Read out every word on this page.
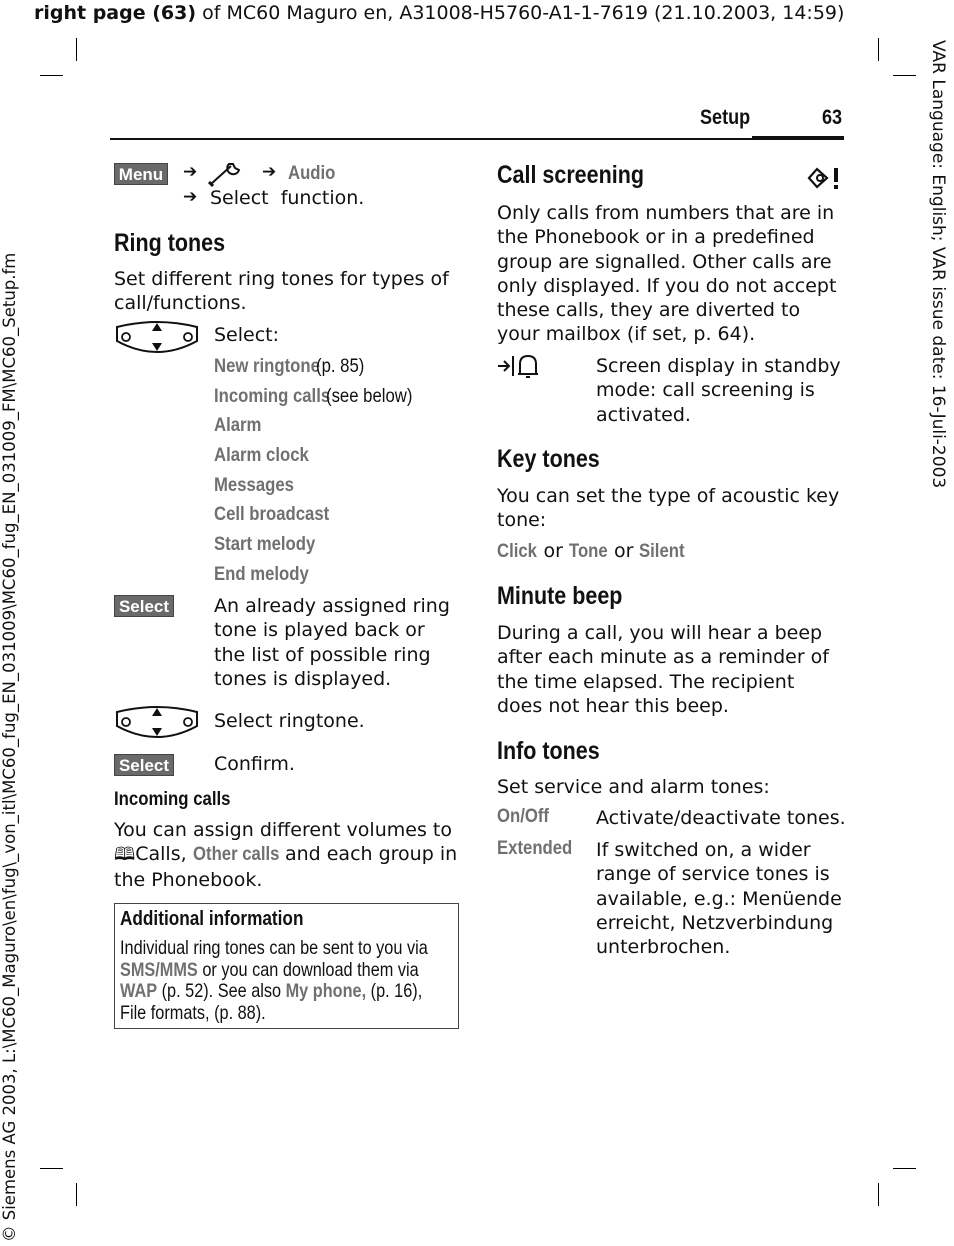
right page (63) of MC60 Maguro en, A31008-H5760-A1-1-7619 (21.10.2003, 14:59)
VAR Language: English; VAR issue date: 16-Juli-2003
© Siemens AG 2003, L:\MC60_Maguro\en\fug\_von_itl\MC60_fug_EN_031009\MC60_fug_EN_031009_FM\MC60_Setup.fm
Setup	63
Menu ➔	➔ Audio
➔ Select  function.
Ring tones
Set different ring tones for types of call/functions.
Select:
New ringtone(p. 85)
Incoming calls(see below)
Alarm
Alarm clock
Messages
Cell broadcast
Start melody
End melody
Select An already assigned ring tone is played back or the list of possible ring tones is displayed.
Select ringtone.
Select Confirm.
Incoming calls
You can assign different volumes to
🕮Calls, Other calls and each group in the Phonebook.
Additional information
Individual ring tones can be sent to you via
SMS/MMS or you can download them via
WAP (p. 52). See also My phone, (p. 16),
File formats, (p. 88).
Call screening
Only calls from numbers that are in the Phonebook or in a predefined group are signalled. Other calls are only displayed. If you do not accept these calls, they are diverted to your mailbox (if set, p. 64).
Screen display in standby mode: call screening is activated.
Key tones
You can set the type of acoustic key tone:
Click or Tone or Silent
Minute beep
During a call, you will hear a beep after each minute as a reminder of the time elapsed. The recipient does not hear this beep.
Info tones
Set service and alarm tones:
On/Off	Activate/deactivate tones.
Extended	If switched on, a wider range of service tones is available, e.g.: Menüende erreicht, Netzverbindung unterbrochen.
